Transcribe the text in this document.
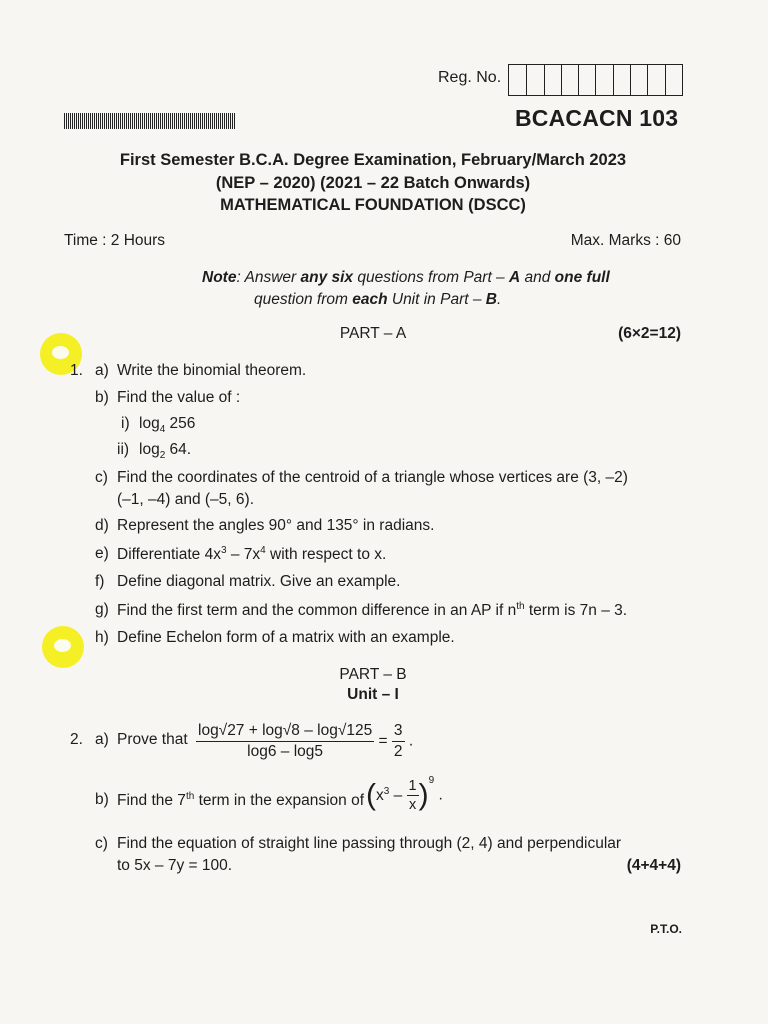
Reg. No.
BCACACN 103
First Semester B.C.A. Degree Examination, February/March 2023
(NEP – 2020) (2021 – 22 Batch Onwards)
MATHEMATICAL FOUNDATION (DSCC)
Time : 2 Hours	Max. Marks : 60
Note: Answer any six questions from Part – A and one full
question from each Unit in Part – B.
PART – A	(6×2=12)
1. a) Write the binomial theorem.
b) Find the value of :
i) $\log_4 256$
ii) $\log_2 64$.
c) Find the coordinates of the centroid of a triangle whose vertices are (3, –2)
(–1, –4) and (–5, 6).
d) Represent the angles 90° and 135° in radians.
e) Differentiate $4x^3 - 7x^4$ with respect to x.
f) Define diagonal matrix. Give an example.
g) Find the first term and the common difference in an AP if $n^{th}$ term is 7n – 3.
h) Define Echelon form of a matrix with an example.
PART – B
Unit – I
2. a) Prove that $\frac{\log√27 + \log√8 - \log√125}{\log 6 - \log 5} = \frac{3}{2}$ .
b) Find the 7th term in the expansion of $(x^3 - \frac{1}{x} )^9$ .
c) Find the equation of straight line passing through (2, 4) and perpendicular
to 5x – 7y = 100.	(4+4+4)
P.T.O.
